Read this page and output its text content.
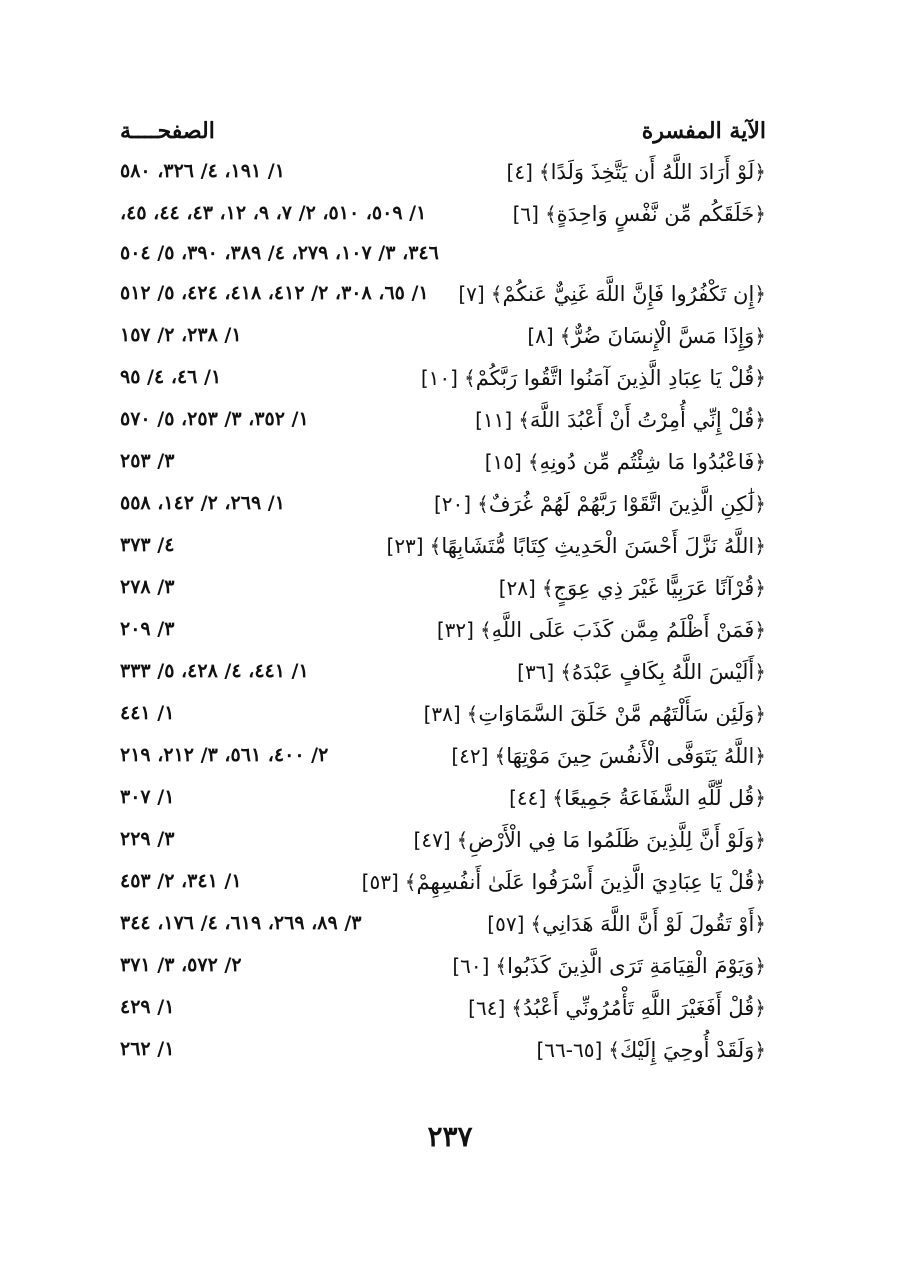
الآية المفسرة
الصفحــــة
﴿لَوْ أَرَادَ اللَّهُ أَن يَتَّخِذَ وَلَدًا﴾[٤]
١/ ١٩١، ٤/ ٣٢٦، ٥٨٠
﴿خَلَقَكُم مِّن نَّفْسٍ وَاحِدَةٍ﴾[٦]
١/ ٥٠٩، ٥١٠، ٢/ ٧، ٩، ١٢، ٤٣، ٤٤، ٤٥،
٣٤٦، ٣/ ١٠٧، ٢٧٩، ٤/ ٣٨٩، ٣٩٠، ٥/ ٥٠٤
﴿إِن تَكْفُرُوا فَإِنَّ اللَّهَ غَنِيٌّ عَنكُمْ﴾[٧]
١/ ٦٥، ٣٠٨، ٢/ ٤١٢، ٤١٨، ٤٢٤، ٥/ ٥١٢
﴿وَإِذَا مَسَّ الْإِنسَانَ ضُرٌّ﴾[٨]
١/ ٢٣٨، ٢/ ١٥٧
﴿قُلْ يَا عِبَادِ الَّذِينَ آمَنُوا اتَّقُوا رَبَّكُمْ﴾[١٠]
١/ ٤٦، ٤/ ٩٥
﴿قُلْ إِنِّي أُمِرْتُ أَنْ أَعْبُدَ اللَّهَ﴾[١١]
١/ ٣٥٢، ٣/ ٢٥٣، ٥/ ٥٧٠
﴿فَاعْبُدُوا مَا شِئْتُم مِّن دُونِهِ﴾[١٥]
٣/ ٢٥٣
﴿لَٰكِنِ الَّذِينَ اتَّقَوْا رَبَّهُمْ لَهُمْ غُرَفٌ﴾[٢٠]
١/ ٢٦٩، ٢/ ١٤٢، ٥٥٨
﴿اللَّهُ نَزَّلَ أَحْسَنَ الْحَدِيثِ كِتَابًا مُّتَشَابِهًا﴾[٢٣]
٤/ ٣٧٣
﴿قُرْآنًا عَرَبِيًّا غَيْرَ ذِي عِوَجٍ﴾[٢٨]
٣/ ٢٧٨
﴿فَمَنْ أَظْلَمُ مِمَّن كَذَبَ عَلَى اللَّهِ﴾[٣٢]
٣/ ٢٠٩
﴿أَلَيْسَ اللَّهُ بِكَافٍ عَبْدَهُ﴾[٣٦]
١/ ٤٤١، ٤/ ٤٢٨، ٥/ ٣٣٣
﴿وَلَئِن سَأَلْتَهُم مَّنْ خَلَقَ السَّمَاوَاتِ﴾[٣٨]
١/ ٤٤١
﴿اللَّهُ يَتَوَفَّى الْأَنفُسَ حِينَ مَوْتِهَا﴾[٤٢]
٢/ ٤٠٠، ٥٦١، ٣/ ٢١٢، ٢١٩
﴿قُل لِّلَّهِ الشَّفَاعَةُ جَمِيعًا﴾[٤٤]
١/ ٣٠٧
﴿وَلَوْ أَنَّ لِلَّذِينَ ظَلَمُوا مَا فِي الْأَرْضِ﴾[٤٧]
٣/ ٢٢٩
﴿قُلْ يَا عِبَادِيَ الَّذِينَ أَسْرَفُوا عَلَىٰ أَنفُسِهِمْ﴾[٥٣]
١/ ٣٤١، ٢/ ٤٥٣
﴿أَوْ تَقُولَ لَوْ أَنَّ اللَّهَ هَدَانِي﴾[٥٧]
٣/ ٨٩، ٢٦٩، ٦١٩، ٤/ ١٧٦، ٣٤٤
﴿وَيَوْمَ الْقِيَامَةِ تَرَى الَّذِينَ كَذَبُوا﴾[٦٠]
٢/ ٥٧٢، ٣/ ٣٧١
﴿قُلْ أَفَغَيْرَ اللَّهِ تَأْمُرُونِّي أَعْبُدُ﴾[٦٤]
١/ ٤٢٩
﴿وَلَقَدْ أُوحِيَ إِلَيْكَ﴾[٦٥-٦٦]
١/ ٢٦٢
٢٣٧
